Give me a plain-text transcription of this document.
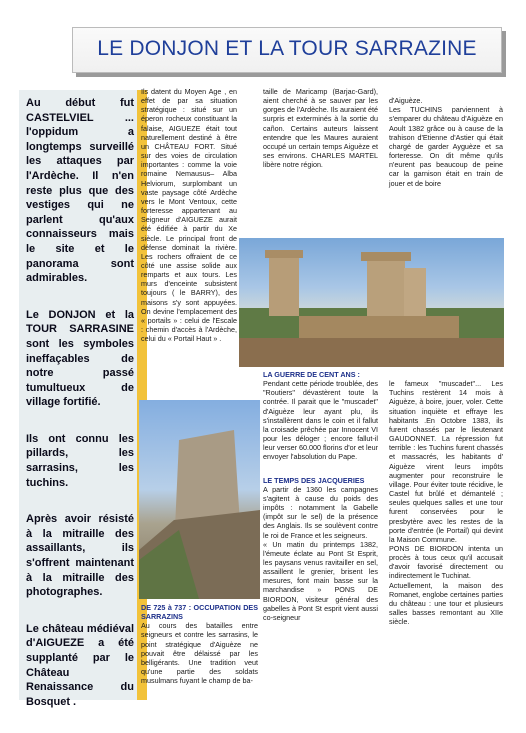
LE DONJON ET LA TOUR SARRAZINE

Au début fut CASTELVIEL ... l'oppidum a longtemps surveillé les attaques par l'Ardèche. Il n'en reste plus que des vestiges qui ne parlent qu'aux connaisseurs mais le site et le panorama sont admirables.

Le DONJON et la TOUR SARRASINE sont les symboles ineffaçables de notre passé tumultueux de village fortifié.

Ils ont connu les pillards, les sarrasins, les tuchins.

Après avoir résisté à la mitraille des assaillants, ils s'offrent maintenant à la mitraille des photographes.

Le château médiéval d'AIGUEZE a été supplanté par le Château Renaissance du Bosquet .

Ils datent du Moyen Age , en effet de par sa situation stratégique : situé sur un éperon rocheux constituant la falaise, AIGUEZE était tout naturellement destiné à être un CHÂTEAU FORT. Situé sur des voies de circulation importantes : comme la voie romaine Nemausus– Alba Helviorum, surplombant un vaste paysage côté Ardèche vers le Mont Ventoux, cette forteresse appartenant au Seigneur d'AIGUEZE aurait été édifiée à partir du Xe siècle. Le principal front de défense dominait la rivière. Les rochers offraient de ce côté une assise solide aux remparts et aux tours. Les murs d'enceinte subsistent toujours ( le BARRY), des maisons s'y sont appuyées. On devine l'emplacement des « portails » : celui de l'Escale : chemin d'accès à l'Ardèche, celui du « Portail Haut » .

taille de Maricamp (Barjac-Gard), aient cherché à se sauver par les gorges de l'Ardèche. Ils auraient été surpris et exterminés à la sortie du cañon. Certains auteurs laissent entendre que les Maures auraient occupé un certain temps Aiguèze et ses environs. CHARLES MARTEL libère notre région.

d'Aiguèze.
Les TUCHINS parviennent à s'emparer du château d'Aiguèze en Aoult 1382 grâce ou à cause de la trahison d'Etienne d'Astier qui était chargé de garder Ayguèze et sa forteresse. On dit même qu'ils n'eurent pas beaucoup de peine car la garnison était en train de jouer et de boire

LA GUERRE DE CENT ANS :

Pendant cette période troublée, des "Routiers" dévastèrent toute la contrée. Il parait que le "muscadet" d'Aiguèze leur ayant plu, ils s'installèrent dans le coin et il fallut la croisade prêchée par Innocent VI pour les déloger ; encore fallut-il leur verser 60.000 florins d'or et leur envoyer l'absolution du Pape.

LE TEMPS DES JACQUERIES

A partir de 1360 les campagnes s'agitent à cause du poids des impôts : notamment la Gabelle (impôt sur le sel) de la présence des Anglais. Ils se soulèvent contre le roi de France et les seigneurs.
« Un matin du printemps 1382, l'émeute éclate au Pont St Esprit, les paysans venus ravitailler en sel, assaillent le grenier, brisent les mesures, font main basse sur la marchandise » PONS DE BIORDON, visiteur général des gabelles à Pont St esprit vient aussi co-seigneur

le fameux "muscadet"... Les Tuchins restèrent 14 mois à Aiguèze, à boire, jouer, voler. Cette situation inquiète et effraye les habitants .En Octobre 1383, ils furent chassés par le lieutenant GAUDONNET. La répression fut terrible : les Tuchins furent chassés et massacrés, les habitants d' Aiguèze virent leurs impôts augmenter pour reconstruire le village. Pour éviter toute récidive, le Castel fut brûlé et démantelé ; seules quelques salles et une tour furent conservées pour le presbytère avec les restes de la porte d'entrée (le Portail) qui devint la Maison Commune.
PONS DE BIORDON intenta un procès à tous ceux qu'il accusait d'avoir favorisé directement ou indirectement le Tuchinat.
Actuellement, la maison des Romanet, englobe certaines parties du château : une tour et plusieurs salles basses remontant au XIIe siècle.

DE 725 à 737 : OCCUPATION DES SARRAZINS

Au cours des batailles entre seigneurs et contre les sarrasins, le point stratégique d'Aiguèze ne pouvait être délaissé par les belligérants. Une tradition veut qu'une partie des soldats musulmans fuyant le champ de ba-
